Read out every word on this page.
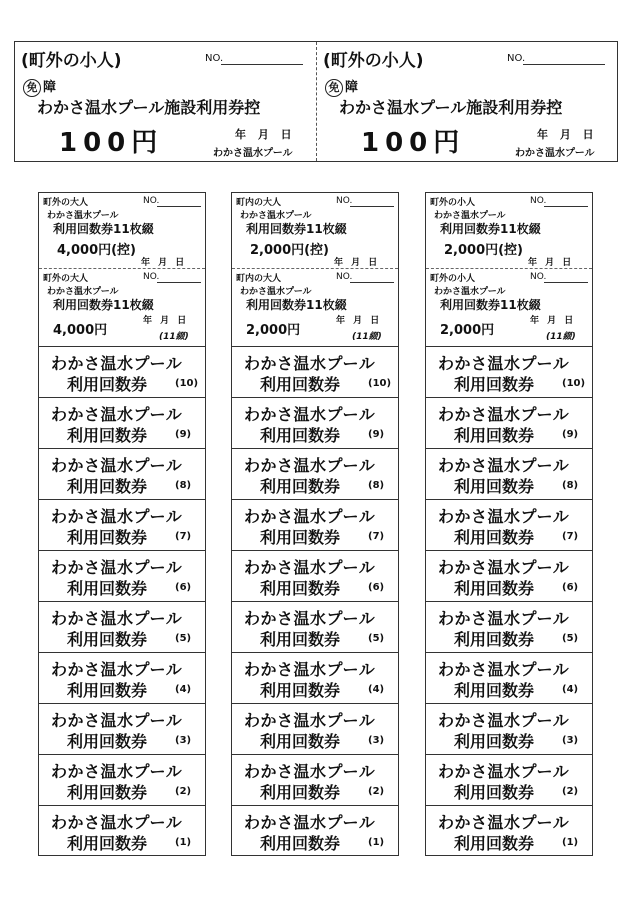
(町外の小人)	NO.
免 障
わかさ温水プール施設利用券控
100円	年 月 日
わかさ温水プール
(町外の小人)	NO.
免 障
わかさ温水プール施設利用券控
100円	年 月 日
わかさ温水プール
町外の大人	NO.
わかさ温水プール
利用回数券11枚綴
4,000円(控)
年 月 日
町外の大人	NO.
わかさ温水プール
利用回数券11枚綴
4,000円
年 月 日
(11綴)
わかさ温水プール
利用回数券	(10)
わかさ温水プール
利用回数券	(9)
わかさ温水プール
利用回数券	(8)
わかさ温水プール
利用回数券	(7)
わかさ温水プール
利用回数券	(6)
わかさ温水プール
利用回数券	(5)
わかさ温水プール
利用回数券	(4)
わかさ温水プール
利用回数券	(3)
わかさ温水プール
利用回数券	(2)
わかさ温水プール
利用回数券	(1)
町内の大人	NO.
わかさ温水プール
利用回数券11枚綴
2,000円(控)
年 月 日
町内の大人	NO.
わかさ温水プール
利用回数券11枚綴
2,000円
年 月 日
(11綴)
わかさ温水プール
利用回数券	(10)
わかさ温水プール
利用回数券	(9)
わかさ温水プール
利用回数券	(8)
わかさ温水プール
利用回数券	(7)
わかさ温水プール
利用回数券	(6)
わかさ温水プール
利用回数券	(5)
わかさ温水プール
利用回数券	(4)
わかさ温水プール
利用回数券	(3)
わかさ温水プール
利用回数券	(2)
わかさ温水プール
利用回数券	(1)
町外の小人	NO.
わかさ温水プール
利用回数券11枚綴
2,000円(控)
年 月 日
町外の小人	NO.
わかさ温水プール
利用回数券11枚綴
2,000円
年 月 日
(11綴)
わかさ温水プール
利用回数券	(10)
わかさ温水プール
利用回数券	(9)
わかさ温水プール
利用回数券	(8)
わかさ温水プール
利用回数券	(7)
わかさ温水プール
利用回数券	(6)
わかさ温水プール
利用回数券	(5)
わかさ温水プール
利用回数券	(4)
わかさ温水プール
利用回数券	(3)
わかさ温水プール
利用回数券	(2)
わかさ温水プール
利用回数券	(1)
